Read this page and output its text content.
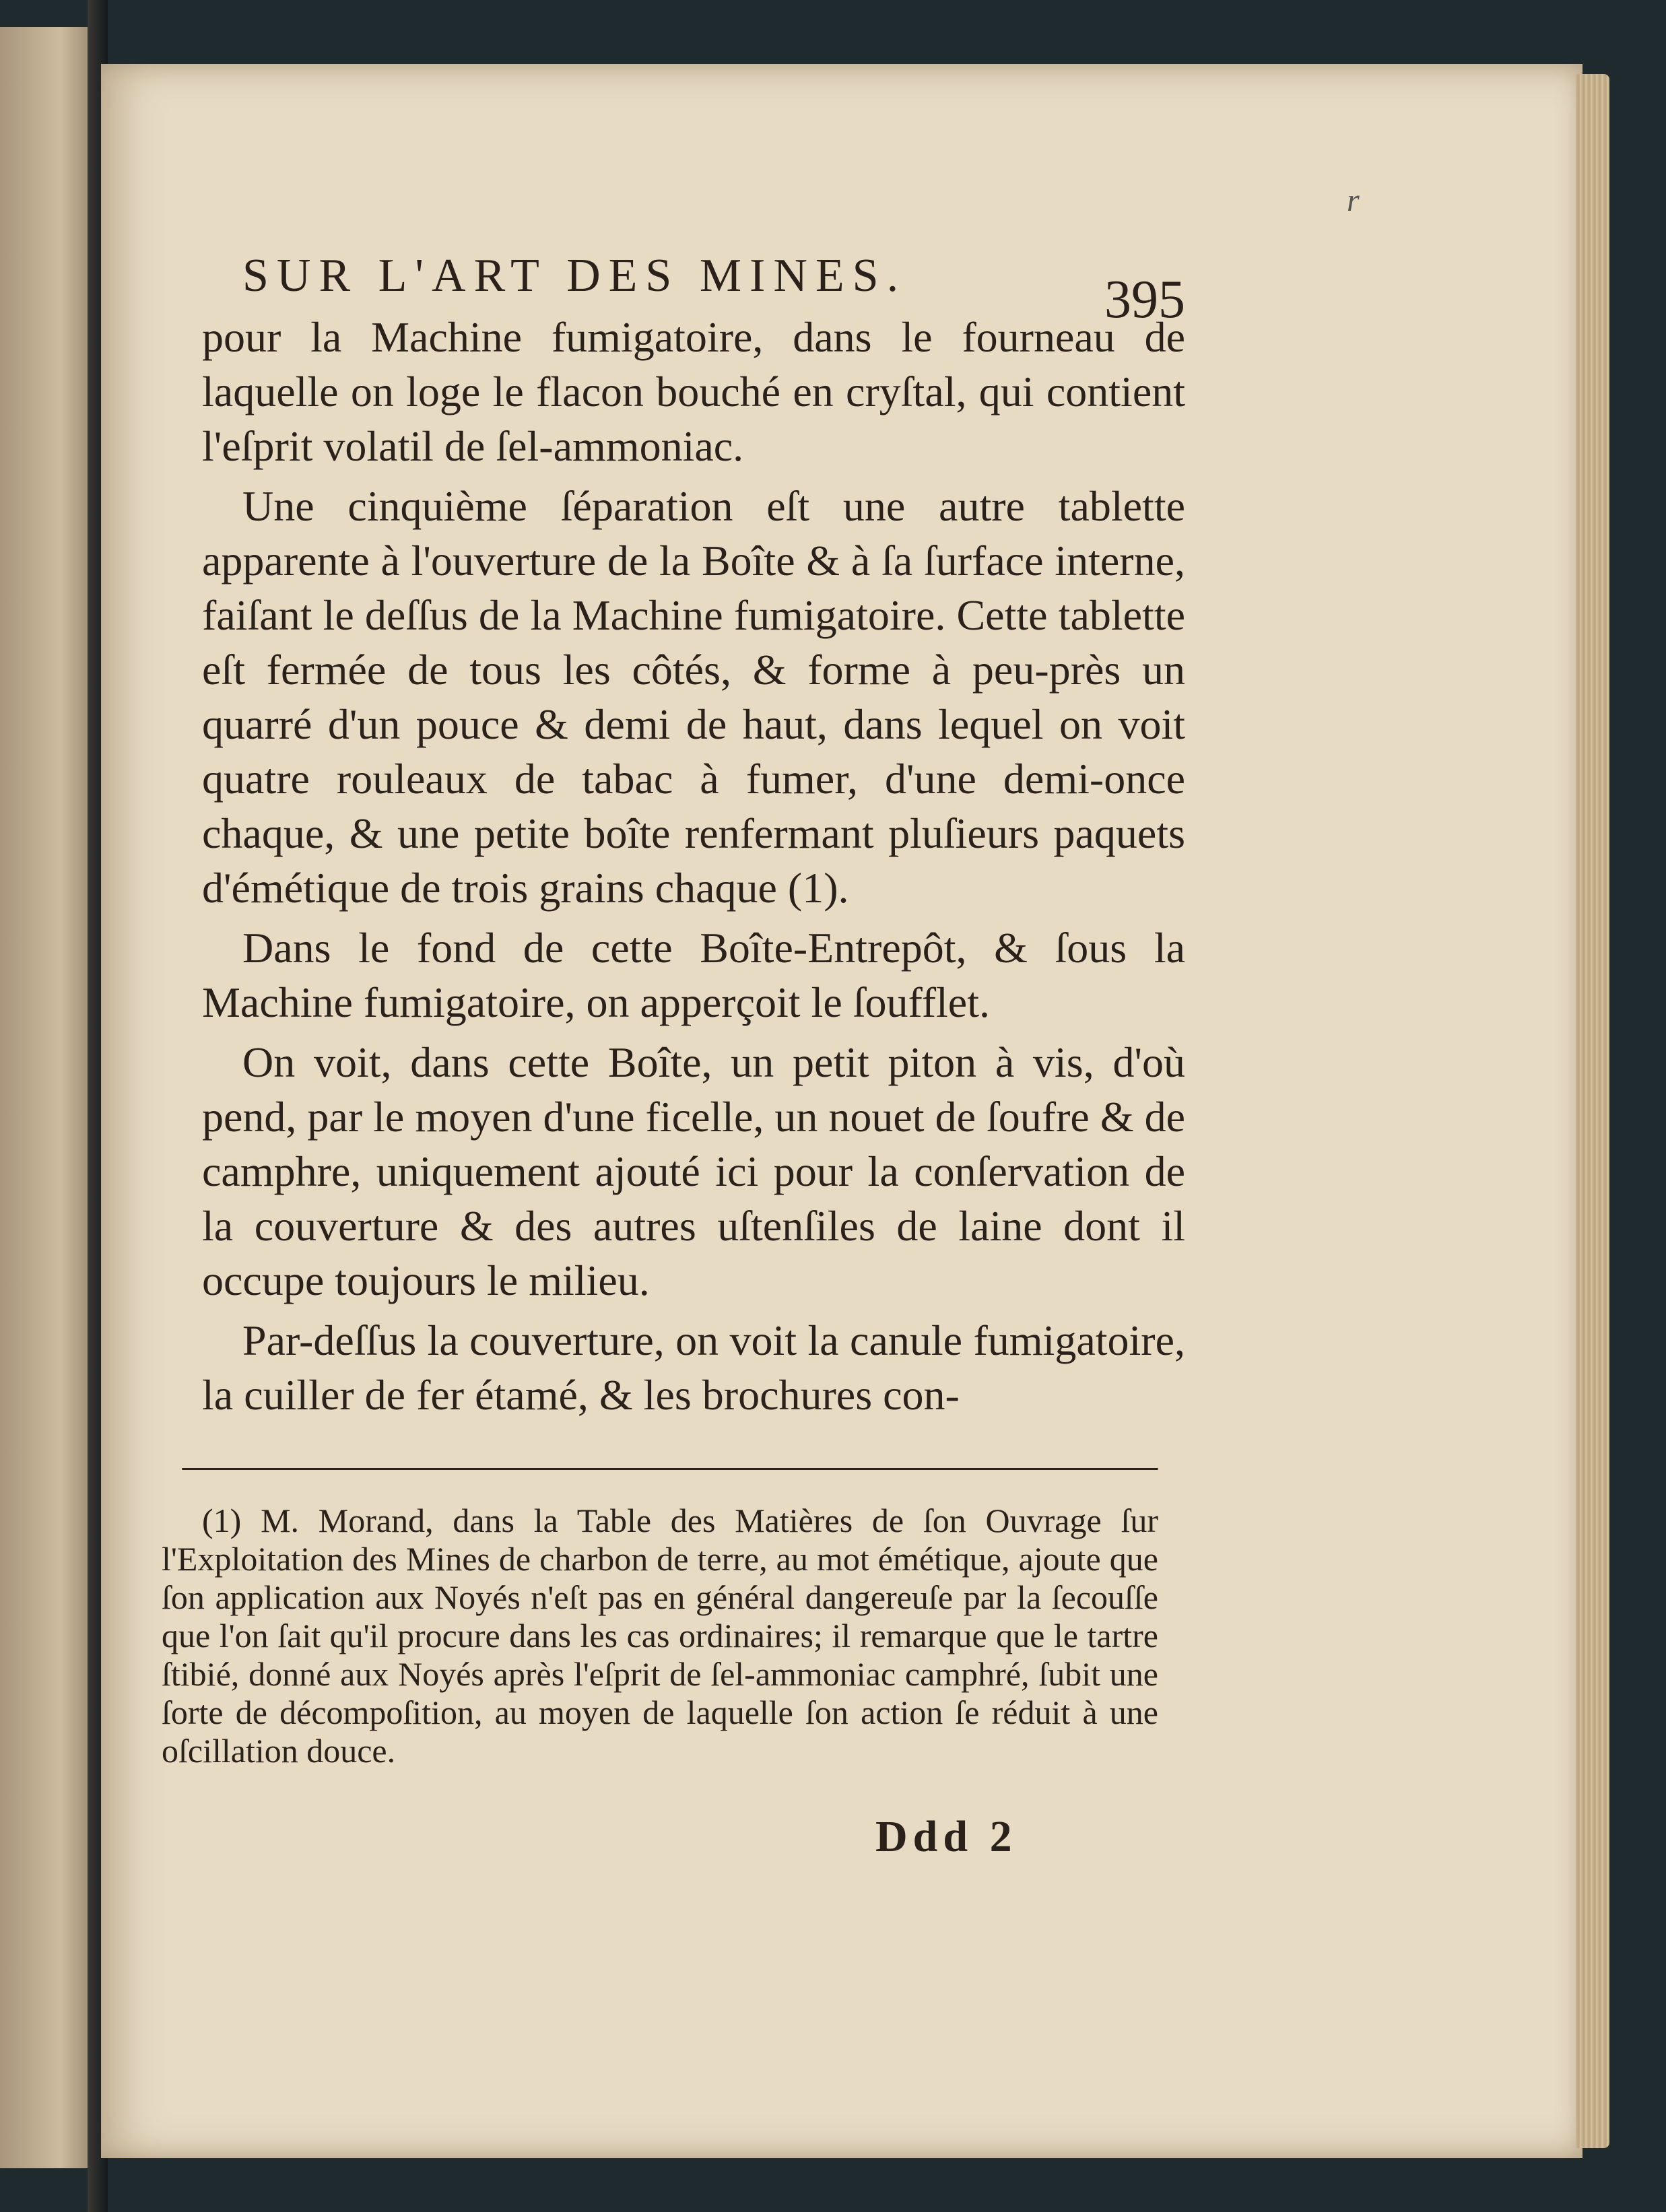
r
SUR L'ART DES MINES.	395

pour la Machine fumigatoire, dans le fourneau de laquelle on loge le flacon bouché en cryſtal, qui contient l'eſprit volatil de ſel-ammoniac.

Une cinquième ſéparation eſt une autre tablette apparente à l'ouverture de la Boîte & à ſa ſurface interne, faiſant le deſſus de la Machine fumigatoire. Cette tablette eſt fermée de tous les côtés, & forme à peu-près un quarré d'un pouce & demi de haut, dans lequel on voit quatre rouleaux de tabac à fumer, d'une demi-once chaque, & une petite boîte renfermant pluſieurs paquets d'émétique de trois grains chaque (1).

Dans le fond de cette Boîte-Entrepôt, & ſous la Machine fumigatoire, on apperçoit le ſoufflet.

On voit, dans cette Boîte, un petit piton à vis, d'où pend, par le moyen d'une ficelle, un nouet de ſoufre & de camphre, uniquement ajouté ici pour la conſervation de la couverture & des autres uſtenſiles de laine dont il occupe toujours le milieu.

Par-deſſus la couverture, on voit la canule fumigatoire, la cuiller de fer étamé, & les brochures con-

(1) M. Morand, dans la Table des Matières de ſon Ouvrage ſur l'Exploitation des Mines de charbon de terre, au mot émétique, ajoute que ſon application aux Noyés n'eſt pas en général dangereuſe par la ſecouſſe que l'on ſait qu'il procure dans les cas ordinaires; il remarque que le tartre ſtibié, donné aux Noyés après l'eſprit de ſel-ammoniac camphré, ſubit une ſorte de décompoſition, au moyen de laquelle ſon action ſe réduit à une oſcillation douce.
Ddd 2
